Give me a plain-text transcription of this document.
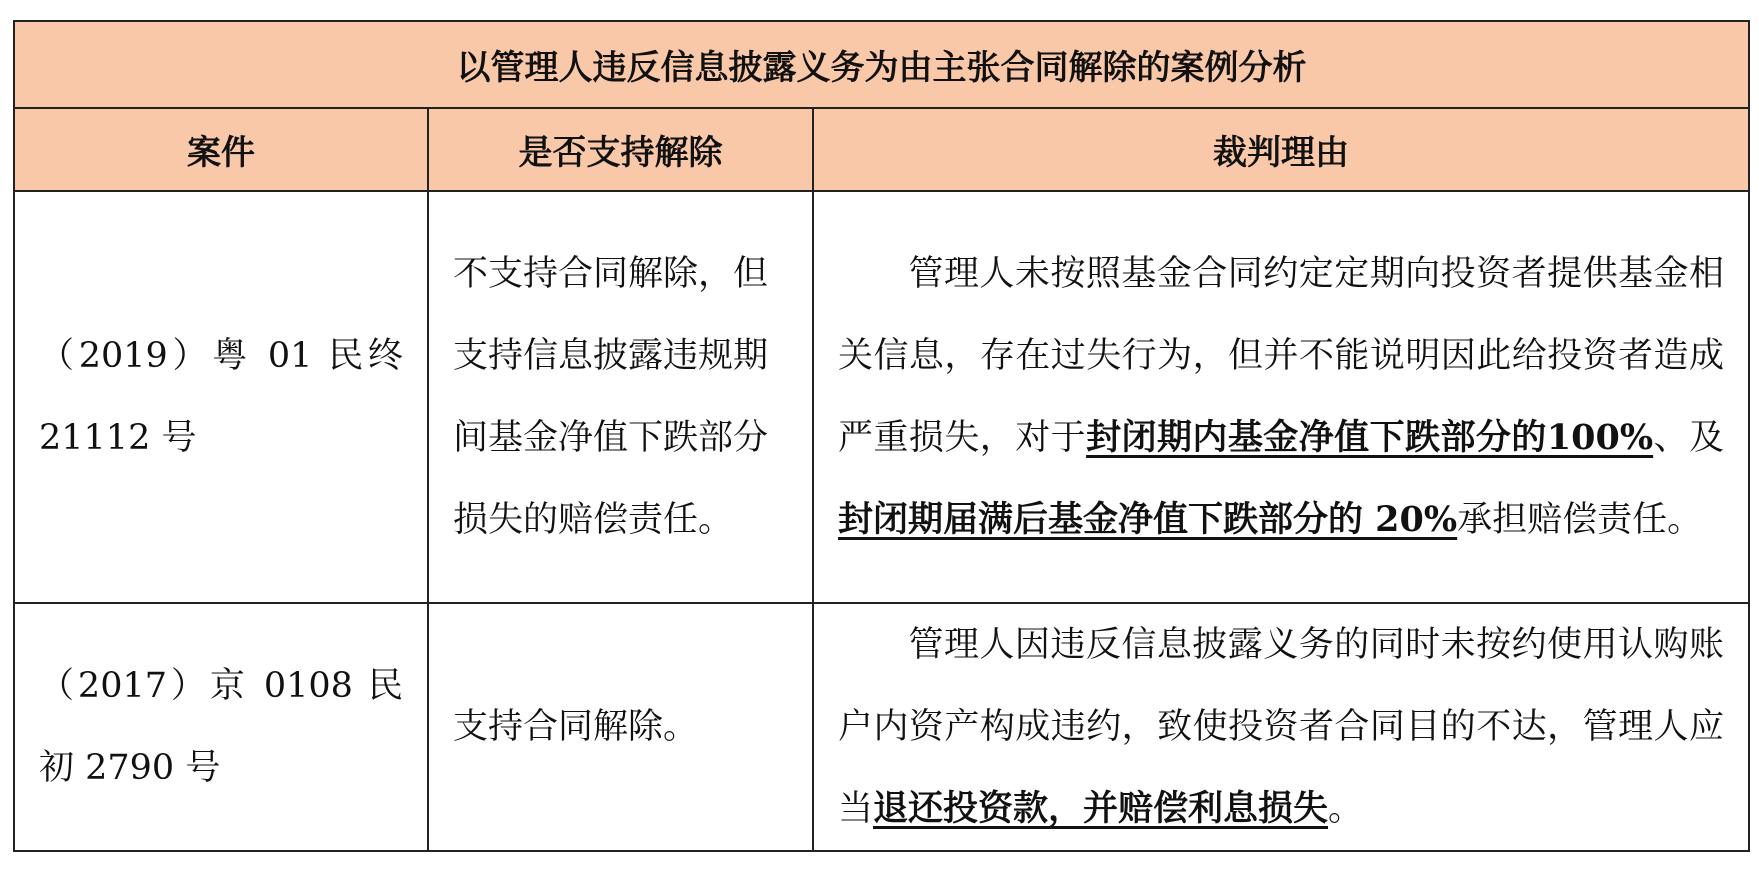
以管理人违反信息披露义务为由主张合同解除的案例分析		
案件	是否支持解除	裁判理由
（2019）粤 01 民终 21112 号	不支持合同解除，但支持信息披露违规期间基金净值下跌部分损失的赔偿责任。	管理人未按照基金合同约定定期向投资者提供基金相关信息，存在过失行为，但并不能说明因此给投资者造成严重损失，对于封闭期内基金净值下跌部分的100%、及封闭期届满后基金净值下跌部分的 20%承担赔偿责任。
（2017）京 0108 民初 2790 号	支持合同解除。	管理人因违反信息披露义务的同时未按约使用认购账户内资产构成违约，致使投资者合同目的不达，管理人应当退还投资款，并赔偿利息损失。
